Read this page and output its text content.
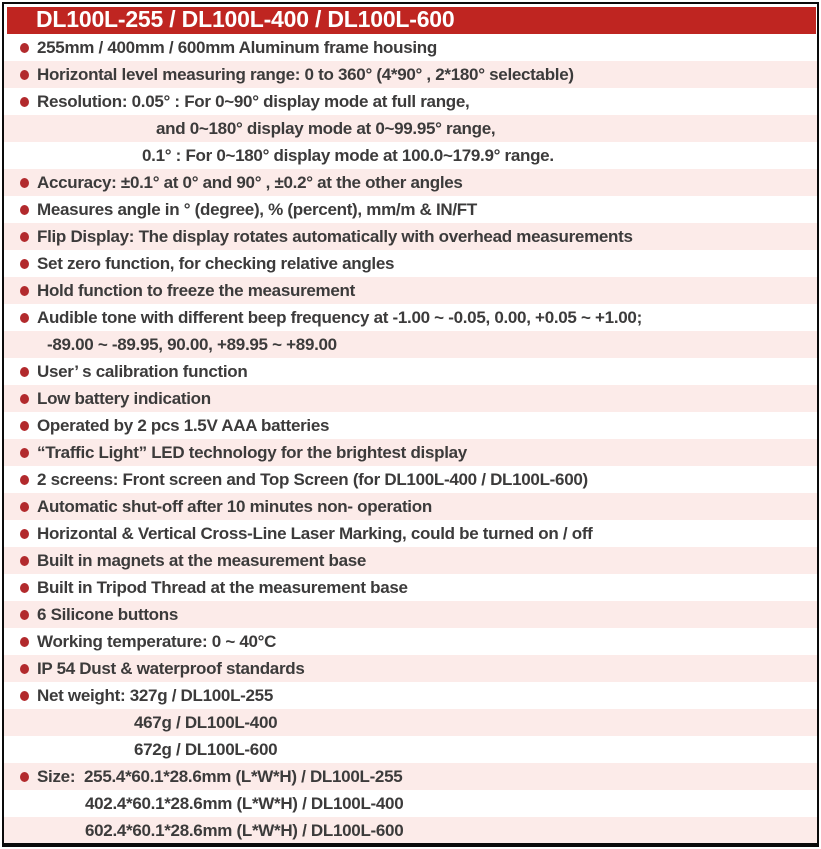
DL100L-255 / DL100L-400 / DL100L-600
255mm / 400mm / 600mm Aluminum frame housing
Horizontal level measuring range: 0 to 360° (4*90° , 2*180° selectable)
Resolution: 0.05° : For 0~90° display mode at full range,
and 0~180° display mode at 0~99.95° range,
0.1° : For 0~180° display mode at 100.0~179.9° range.
Accuracy: ±0.1° at 0° and 90° , ±0.2° at the other angles
Measures angle in ° (degree), % (percent), mm/m & IN/FT
Flip Display: The display rotates automatically with overhead measurements
Set zero function, for checking relative angles
Hold function to freeze the measurement
Audible tone with different beep frequency at -1.00 ~ -0.05, 0.00, +0.05 ~ +1.00;
-89.00 ~ -89.95, 90.00, +89.95 ~ +89.00
User’ s calibration function
Low battery indication
Operated by 2 pcs 1.5V AAA batteries
“Traffic Light” LED technology for the brightest display
2 screens: Front screen and Top Screen (for DL100L-400 / DL100L-600)
Automatic shut-off after 10 minutes non- operation
Horizontal & Vertical Cross-Line Laser Marking, could be turned on / off
Built in magnets at the measurement base
Built in Tripod Thread at the measurement base
6 Silicone buttons
Working temperature: 0 ~ 40°C
IP 54 Dust & waterproof standards
Net weight: 327g / DL100L-255
467g / DL100L-400
672g / DL100L-600
Size:  255.4*60.1*28.6mm (L*W*H) / DL100L-255
402.4*60.1*28.6mm (L*W*H) / DL100L-400
602.4*60.1*28.6mm (L*W*H) / DL100L-600
